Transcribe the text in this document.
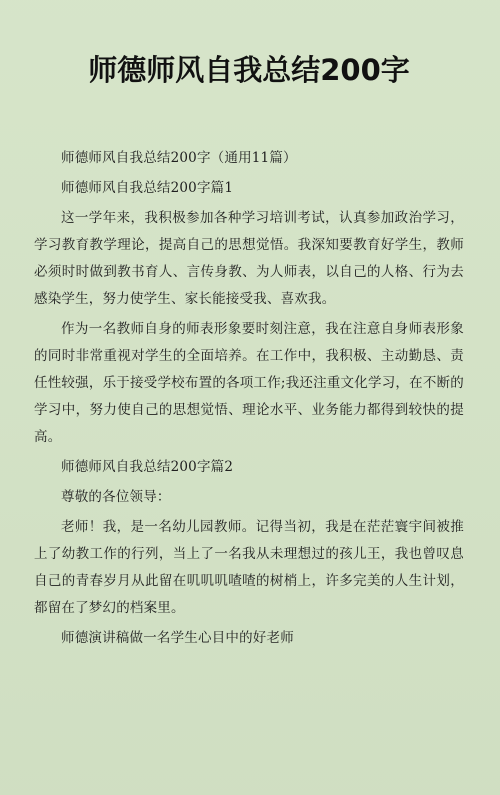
师德师风自我总结200字

师德师风自我总结200字（通用11篇）

师德师风自我总结200字篇1

这一学年来，我积极参加各种学习培训考试，认真参加政治学习，学习教育教学理论，提高自己的思想觉悟。我深知要教育好学生，教师必须时时做到教书育人、言传身教、为人师表，以自己的人格、行为去感染学生，努力使学生、家长能接受我、喜欢我。

作为一名教师自身的师表形象要时刻注意，我在注意自身师表形象的同时非常重视对学生的全面培养。在工作中，我积极、主动勤恳、责任性较强，乐于接受学校布置的各项工作;我还注重文化学习，在不断的学习中，努力使自己的思想觉悟、理论水平、业务能力都得到较快的提高。

师德师风自我总结200字篇2

尊敬的各位领导：

老师！我，是一名幼儿园教师。记得当初，我是在茫茫寰宇间被推上了幼教工作的行列，当上了一名我从未理想过的孩儿王，我也曾叹息自己的青春岁月从此留在叽叽叽喳喳的树梢上，许多完美的人生计划，都留在了梦幻的档案里。

师德演讲稿做一名学生心目中的好老师
